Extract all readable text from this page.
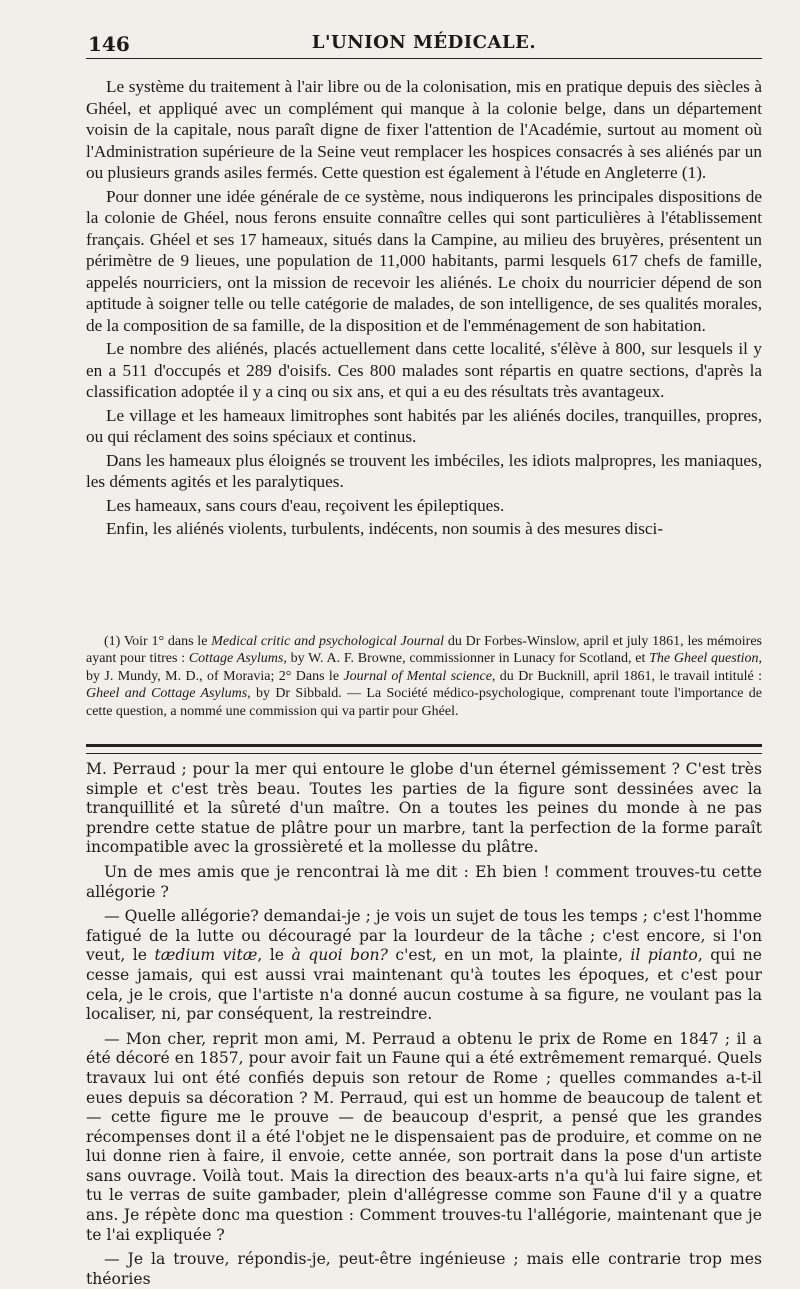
146	L'UNION MÉDICALE.

Le système du traitement à l'air libre ou de la colonisation, mis en pratique depuis des siècles à Ghéel, et appliqué avec un complément qui manque à la colonie belge, dans un département voisin de la capitale, nous paraît digne de fixer l'attention de l'Académie, surtout au moment où l'Administration supérieure de la Seine veut remplacer les hospices consacrés à ses aliénés par un ou plusieurs grands asiles fermés. Cette question est également à l'étude en Angleterre (1).

Pour donner une idée générale de ce système, nous indiquerons les principales dispositions de la colonie de Ghéel, nous ferons ensuite connaître celles qui sont particulières à l'établissement français. Ghéel et ses 17 hameaux, situés dans la Campine, au milieu des bruyères, présentent un périmètre de 9 lieues, une population de 11,000 habitants, parmi lesquels 617 chefs de famille, appelés nourriciers, ont la mission de recevoir les aliénés. Le choix du nourricier dépend de son aptitude à soigner telle ou telle catégorie de malades, de son intelligence, de ses qualités morales, de la composition de sa famille, de la disposition et de l'emménagement de son habitation.

Le nombre des aliénés, placés actuellement dans cette localité, s'élève à 800, sur lesquels il y en a 511 d'occupés et 289 d'oisifs. Ces 800 malades sont répartis en quatre sections, d'après la classification adoptée il y a cinq ou six ans, et qui a eu des résultats très avantageux.

Le village et les hameaux limitrophes sont habités par les aliénés dociles, tranquilles, propres, ou qui réclament des soins spéciaux et continus.

Dans les hameaux plus éloignés se trouvent les imbéciles, les idiots malpropres, les maniaques, les déments agités et les paralytiques.

Les hameaux, sans cours d'eau, reçoivent les épileptiques.

Enfin, les aliénés violents, turbulents, indécents, non soumis à des mesures disci-

(1) Voir 1° dans le Medical critic and psychological Journal du Dr Forbes-Winslow, april et july 1861, les mémoires ayant pour titres : Cottage Asylums, by W. A. F. Browne, commissionner in Lunacy for Scotland, et The Gheel question, by J. Mundy, M. D., of Moravia; 2° Dans le Journal of Mental science, du Dr Bucknill, april 1861, le travail intitulé : Gheel and Cottage Asylums, by Dr Sibbald. — La Société médico-psychologique, comprenant toute l'importance de cette question, a nommé une commission qui va partir pour Ghéel.

M. Perraud ; pour la mer qui entoure le globe d'un éternel gémissement ? C'est très simple et c'est très beau. Toutes les parties de la figure sont dessinées avec la tranquillité et la sûreté d'un maître. On a toutes les peines du monde à ne pas prendre cette statue de plâtre pour un marbre, tant la perfection de la forme paraît incompatible avec la grossièreté et la mollesse du plâtre.

Un de mes amis que je rencontrai là me dit : Eh bien ! comment trouves-tu cette allégorie ?

— Quelle allégorie? demandai-je ; je vois un sujet de tous les temps ; c'est l'homme fatigué de la lutte ou découragé par la lourdeur de la tâche ; c'est encore, si l'on veut, le tædium vitæ, le à quoi bon? c'est, en un mot, la plainte, il pianto, qui ne cesse jamais, qui est aussi vrai maintenant qu'à toutes les époques, et c'est pour cela, je le crois, que l'artiste n'a donné aucun costume à sa figure, ne voulant pas la localiser, ni, par conséquent, la restreindre.

— Mon cher, reprit mon ami, M. Perraud a obtenu le prix de Rome en 1847 ; il a été décoré en 1857, pour avoir fait un Faune qui a été extrêmement remarqué. Quels travaux lui ont été confiés depuis son retour de Rome ; quelles commandes a-t-il eues depuis sa décoration ? M. Perraud, qui est un homme de beaucoup de talent et — cette figure me le prouve — de beaucoup d'esprit, a pensé que les grandes récompenses dont il a été l'objet ne le dispensaient pas de produire, et comme on ne lui donne rien à faire, il envoie, cette année, son portrait dans la pose d'un artiste sans ouvrage. Voilà tout. Mais la direction des beaux-arts n'a qu'à lui faire signe, et tu le verras de suite gambader, plein d'allégresse comme son Faune d'il y a quatre ans. Je répète donc ma question : Comment trouves-tu l'allégorie, maintenant que je te l'ai expliquée ?

— Je la trouve, répondis-je, peut-être ingénieuse ; mais elle contrarie trop mes théories
